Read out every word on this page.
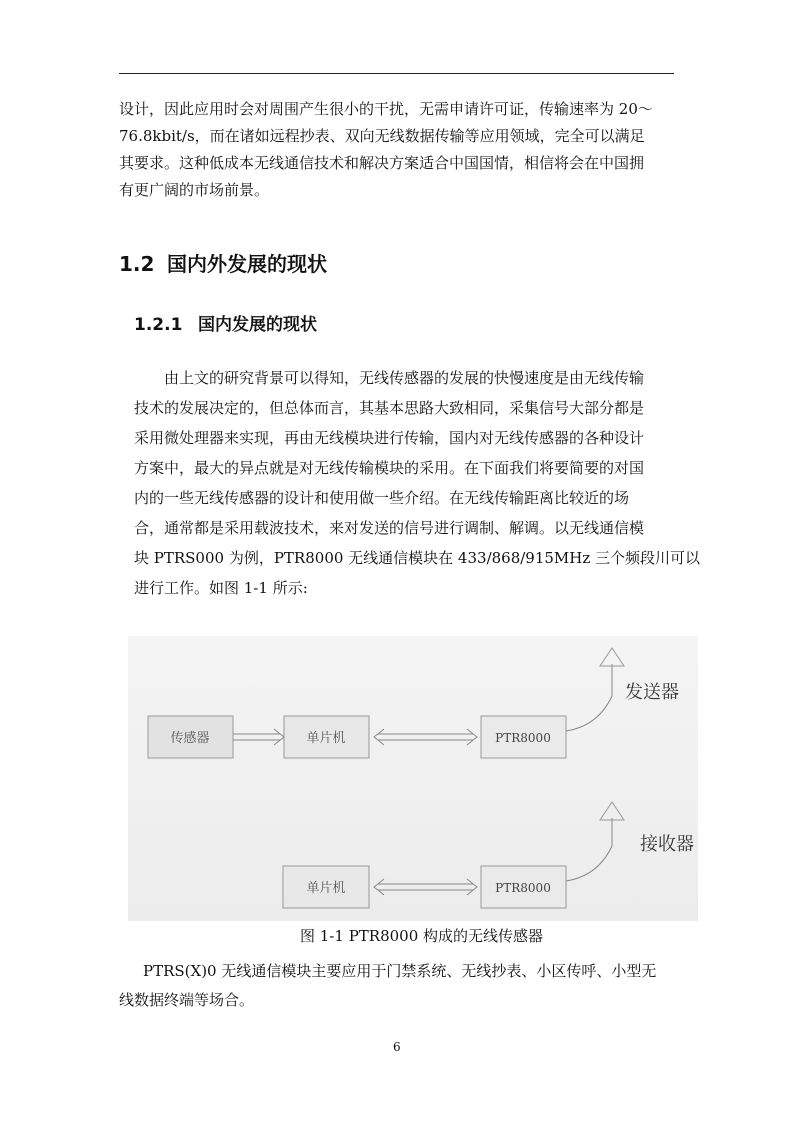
设计，因此应用时会对周围产生很小的干扰，无需申请许可证，传输速率为 20～
76.8kbit/s，而在诸如远程抄表、双向无线数据传输等应用领域，完全可以满足
其要求。这种低成本无线通信技术和解决方案适合中国国情，相信将会在中国拥
有更广阔的市场前景。
1.2 国内外发展的现状
1.2.1 国内发展的现状
由上文的研究背景可以得知，无线传感器的发展的快慢速度是由无线传输
技术的发展决定的，但总体而言，其基本思路大致相同，采集信号大部分都是
采用微处理器来实现，再由无线模块进行传输，国内对无线传感器的各种设计
方案中，最大的异点就是对无线传输模块的采用。在下面我们将要简要的对国
内的一些无线传感器的设计和使用做一些介绍。在无线传输距离比较近的场
合，通常都是采用载波技术，来对发送的信号进行调制、解调。以无线通信模
块 PTRS000 为例，PTR8000 无线通信模块在 433/868/915MHz 三个频段川可以
进行工作。如图 1-1 所示:
传感器	单片机	PTR8000
发送器
接收器
单片机	PTR8000
图 1-1 PTR8000 构成的无线传感器
PTRS(X)0 无线通信模块主要应用于门禁系统、无线抄表、小区传呼、小型无
线数据终端等场合。
6
